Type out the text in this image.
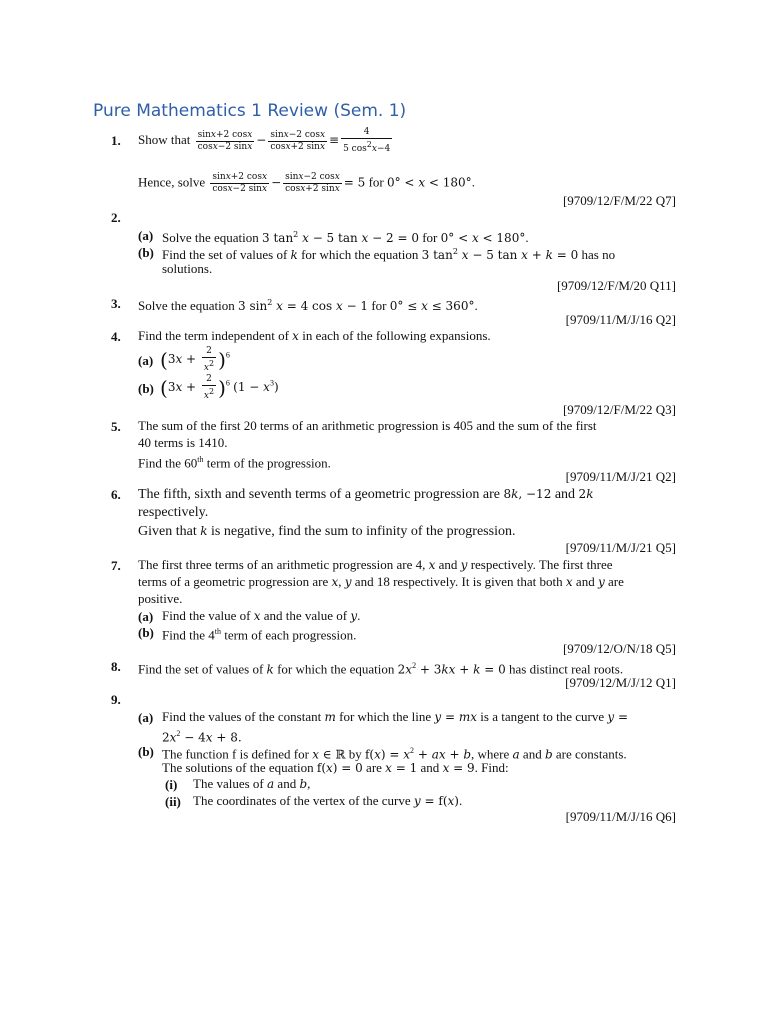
Pure Mathematics 1 Review (Sem. 1)
1. Show that $\frac{\sin x+2 \cos x}{\cos x-2 \sin x} - \frac{\sin x-2 \cos x}{\cos x+2 \sin x} \equiv \frac{4}{5 \cos^2x-4}$
Hence, solve $\frac{\sin x+2 \cos x}{\cos x-2 \sin x} - \frac{\sin x-2 \cos x}{\cos x+2 \sin x} = 5$ for 0° < x < 180°.
[9709/12/F/M/22 Q7]
2.
(a) Solve the equation 3 $\tan^2 x - 5$ tan x − 2 = 0 for 0° < x < 180°.
(b) Find the set of values of k for which the equation 3 $\tan^2 x - 5$ tan x + k = 0 has no
solutions.
[9709/12/F/M/20 Q11]
3. Solve the equation 3 $\sin^2 x = 4$ cos x − 1 for 0° ≤ x ≤ 360°.
[9709/11/M/J/16 Q2]
4. Find the term independent of x in each of the following expansions.
(a) $(3x + \frac{2}{x^2} )^6$
(b) $(3x + \frac{2}{x^2} )^6$ $(1 - x^3)$
[9709/12/F/M/22 Q3]
5. The sum of the first 20 terms of an arithmetic progression is 405 and the sum of the first
40 terms is 1410.
Find the 60th term of the progression.
[9709/11/M/J/21 Q2]
6. The fifth, sixth and seventh terms of a geometric progression are 8k, −12 and 2k
respectively.
Given that k is negative, find the sum to infinity of the progression.
[9709/11/M/J/21 Q5]
7. The first three terms of an arithmetic progression are 4, x and y respectively. The first three
terms of a geometric progression are x, y and 18 respectively. It is given that both x and y are
positive.
(a) Find the value of x and the value of y.
(b) Find the 4th term of each progression.
[9709/12/O/N/18 Q5]
8. Find the set of values of k for which the equation $2x^2 + 3kx + k = 0$ has distinct real roots.
[9709/12/M/J/12 Q1]
9.
(a) Find the values of the constant m for which the line y = mx is a tangent to the curve y =
$2x^2 - 4x + 8$.
(b) The function f is defined for x ∈ ℝ by $f(x) = x^2$ + ax + b, where a and b are constants.
The solutions of the equation f(x) = 0 are x = 1 and x = 9. Find:
(i) The values of a and b,
(ii) The coordinates of the vertex of the curve y = f(x).
[9709/11/M/J/16 Q6]
